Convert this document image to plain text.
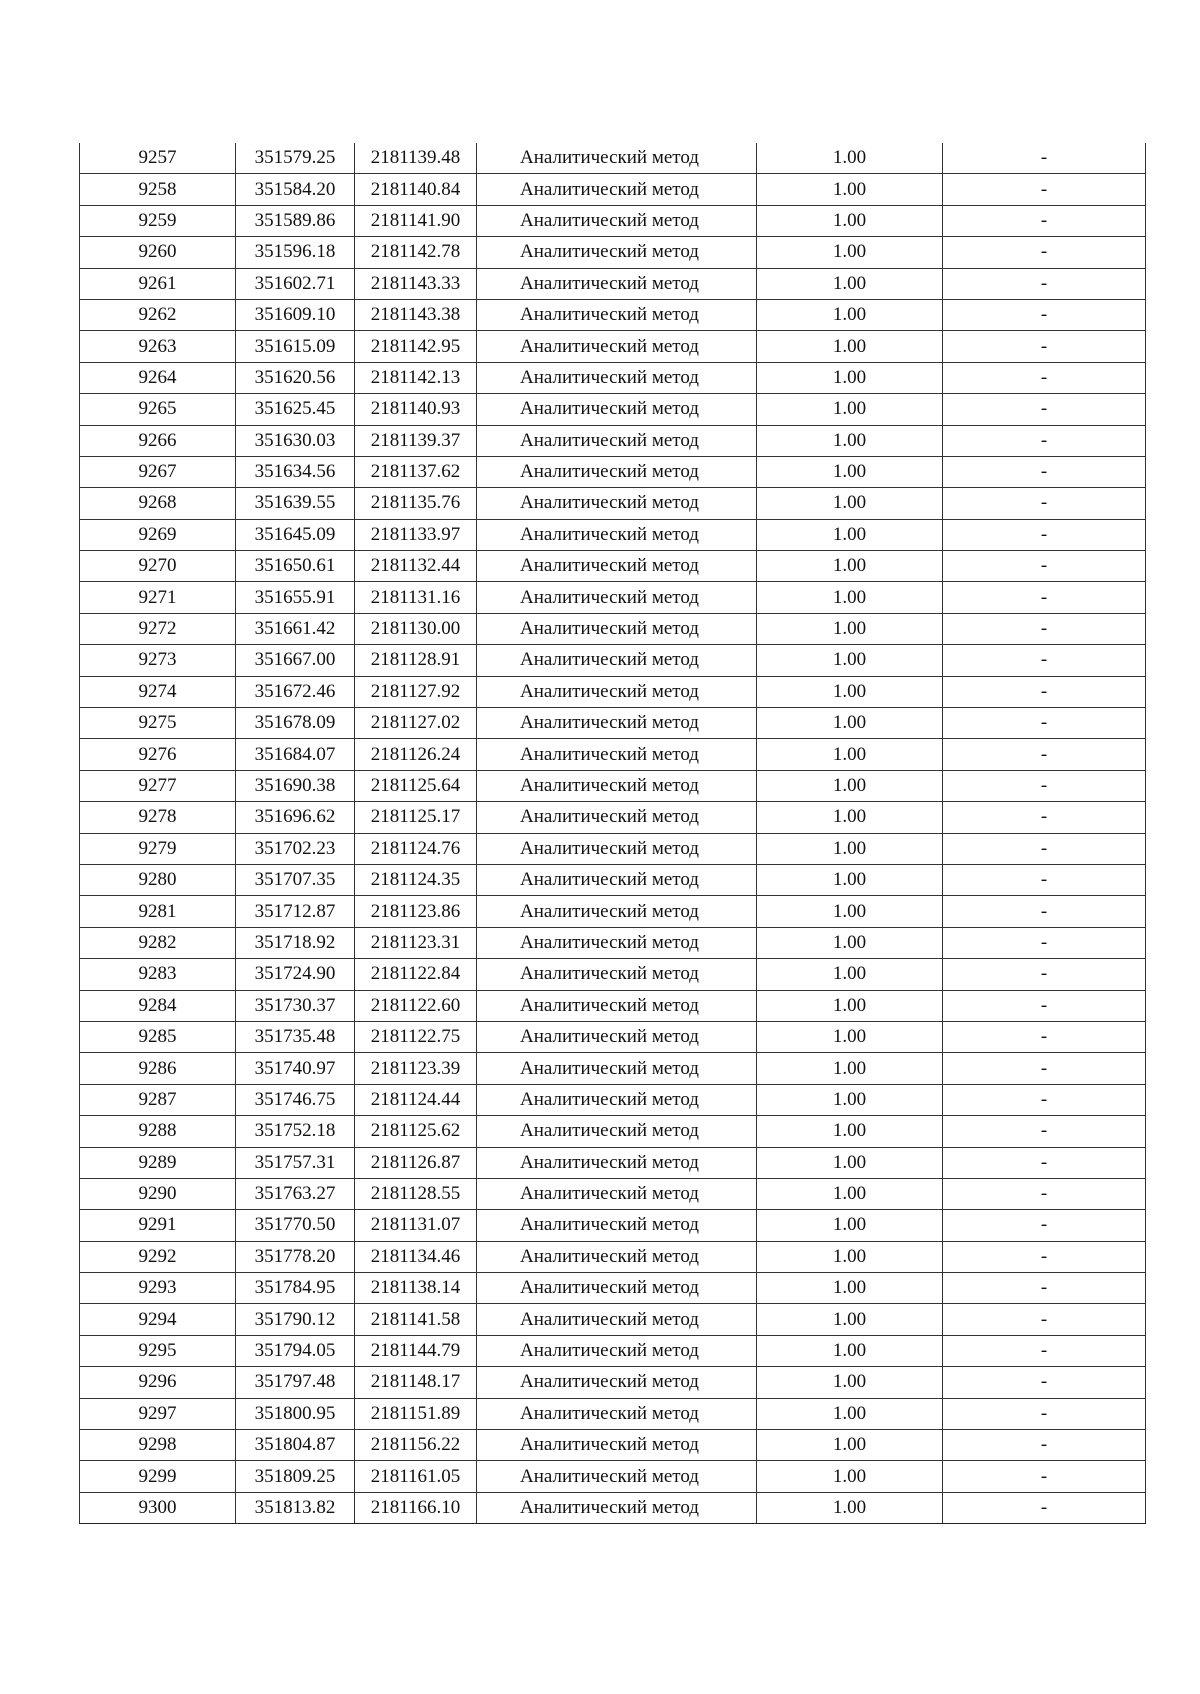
9257	351579.25	2181139.48	Аналитический метод	1.00	-
9258	351584.20	2181140.84	Аналитический метод	1.00	-
9259	351589.86	2181141.90	Аналитический метод	1.00	-
9260	351596.18	2181142.78	Аналитический метод	1.00	-
9261	351602.71	2181143.33	Аналитический метод	1.00	-
9262	351609.10	2181143.38	Аналитический метод	1.00	-
9263	351615.09	2181142.95	Аналитический метод	1.00	-
9264	351620.56	2181142.13	Аналитический метод	1.00	-
9265	351625.45	2181140.93	Аналитический метод	1.00	-
9266	351630.03	2181139.37	Аналитический метод	1.00	-
9267	351634.56	2181137.62	Аналитический метод	1.00	-
9268	351639.55	2181135.76	Аналитический метод	1.00	-
9269	351645.09	2181133.97	Аналитический метод	1.00	-
9270	351650.61	2181132.44	Аналитический метод	1.00	-
9271	351655.91	2181131.16	Аналитический метод	1.00	-
9272	351661.42	2181130.00	Аналитический метод	1.00	-
9273	351667.00	2181128.91	Аналитический метод	1.00	-
9274	351672.46	2181127.92	Аналитический метод	1.00	-
9275	351678.09	2181127.02	Аналитический метод	1.00	-
9276	351684.07	2181126.24	Аналитический метод	1.00	-
9277	351690.38	2181125.64	Аналитический метод	1.00	-
9278	351696.62	2181125.17	Аналитический метод	1.00	-
9279	351702.23	2181124.76	Аналитический метод	1.00	-
9280	351707.35	2181124.35	Аналитический метод	1.00	-
9281	351712.87	2181123.86	Аналитический метод	1.00	-
9282	351718.92	2181123.31	Аналитический метод	1.00	-
9283	351724.90	2181122.84	Аналитический метод	1.00	-
9284	351730.37	2181122.60	Аналитический метод	1.00	-
9285	351735.48	2181122.75	Аналитический метод	1.00	-
9286	351740.97	2181123.39	Аналитический метод	1.00	-
9287	351746.75	2181124.44	Аналитический метод	1.00	-
9288	351752.18	2181125.62	Аналитический метод	1.00	-
9289	351757.31	2181126.87	Аналитический метод	1.00	-
9290	351763.27	2181128.55	Аналитический метод	1.00	-
9291	351770.50	2181131.07	Аналитический метод	1.00	-
9292	351778.20	2181134.46	Аналитический метод	1.00	-
9293	351784.95	2181138.14	Аналитический метод	1.00	-
9294	351790.12	2181141.58	Аналитический метод	1.00	-
9295	351794.05	2181144.79	Аналитический метод	1.00	-
9296	351797.48	2181148.17	Аналитический метод	1.00	-
9297	351800.95	2181151.89	Аналитический метод	1.00	-
9298	351804.87	2181156.22	Аналитический метод	1.00	-
9299	351809.25	2181161.05	Аналитический метод	1.00	-
9300	351813.82	2181166.10	Аналитический метод	1.00	-
